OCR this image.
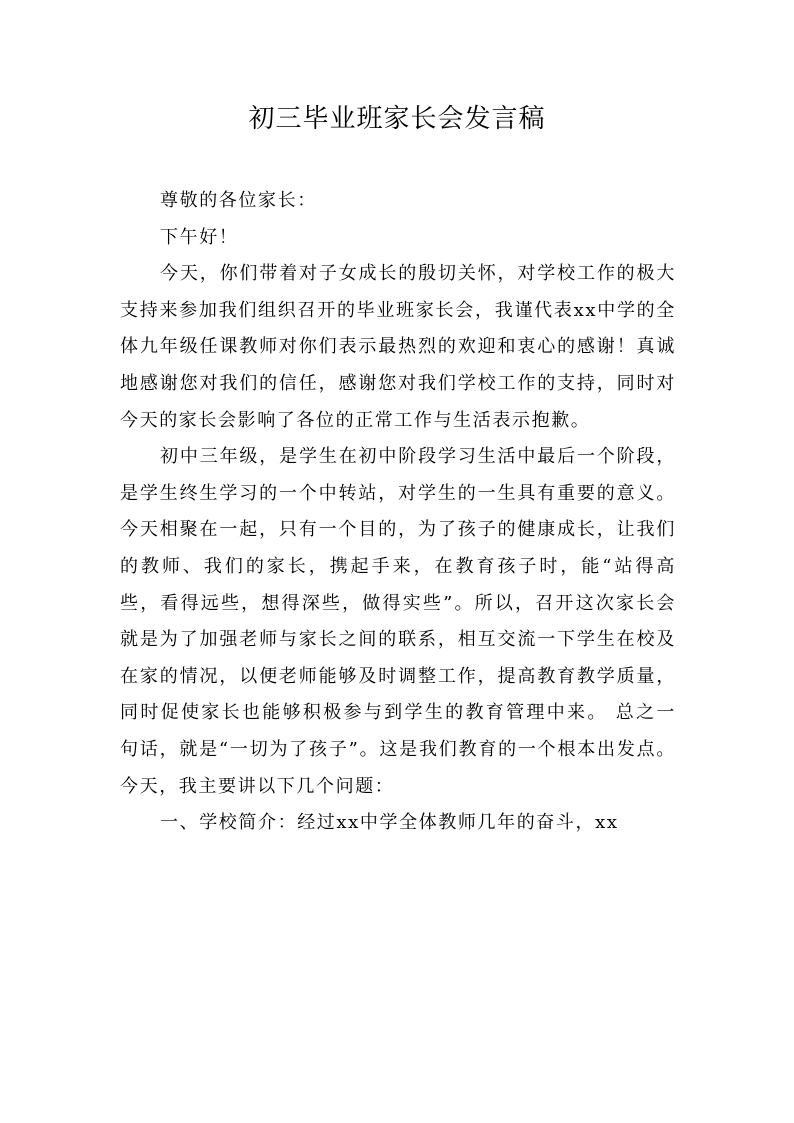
初三毕业班家长会发言稿

尊敬的各位家长：

下午好！

今天，你们带着对子女成长的殷切关怀，对学校工作的极大支持来参加我们组织召开的毕业班家长会，我谨代表xx中学的全体九年级任课教师对你们表示最热烈的欢迎和衷心的感谢！真诚地感谢您对我们的信任，感谢您对我们学校工作的支持，同时对今天的家长会影响了各位的正常工作与生活表示抱歉。

初中三年级，是学生在初中阶段学习生活中最后一个阶段，是学生终生学习的一个中转站，对学生的一生具有重要的意义。今天相聚在一起，只有一个目的，为了孩子的健康成长，让我们的教师、我们的家长，携起手来，在教育孩子时，能“站得高些，看得远些，想得深些，做得实些”。所以，召开这次家长会就是为了加强老师与家长之间的联系，相互交流一下学生在校及在家的情况，以便老师能够及时调整工作，提高教育教学质量，同时促使家长也能够积极参与到学生的教育管理中来。 总之一句话，就是“一切为了孩子”。这是我们教育的一个根本出发点。今天，我主要讲以下几个问题：

一、学校简介：经过xx中学全体教师几年的奋斗，xx
